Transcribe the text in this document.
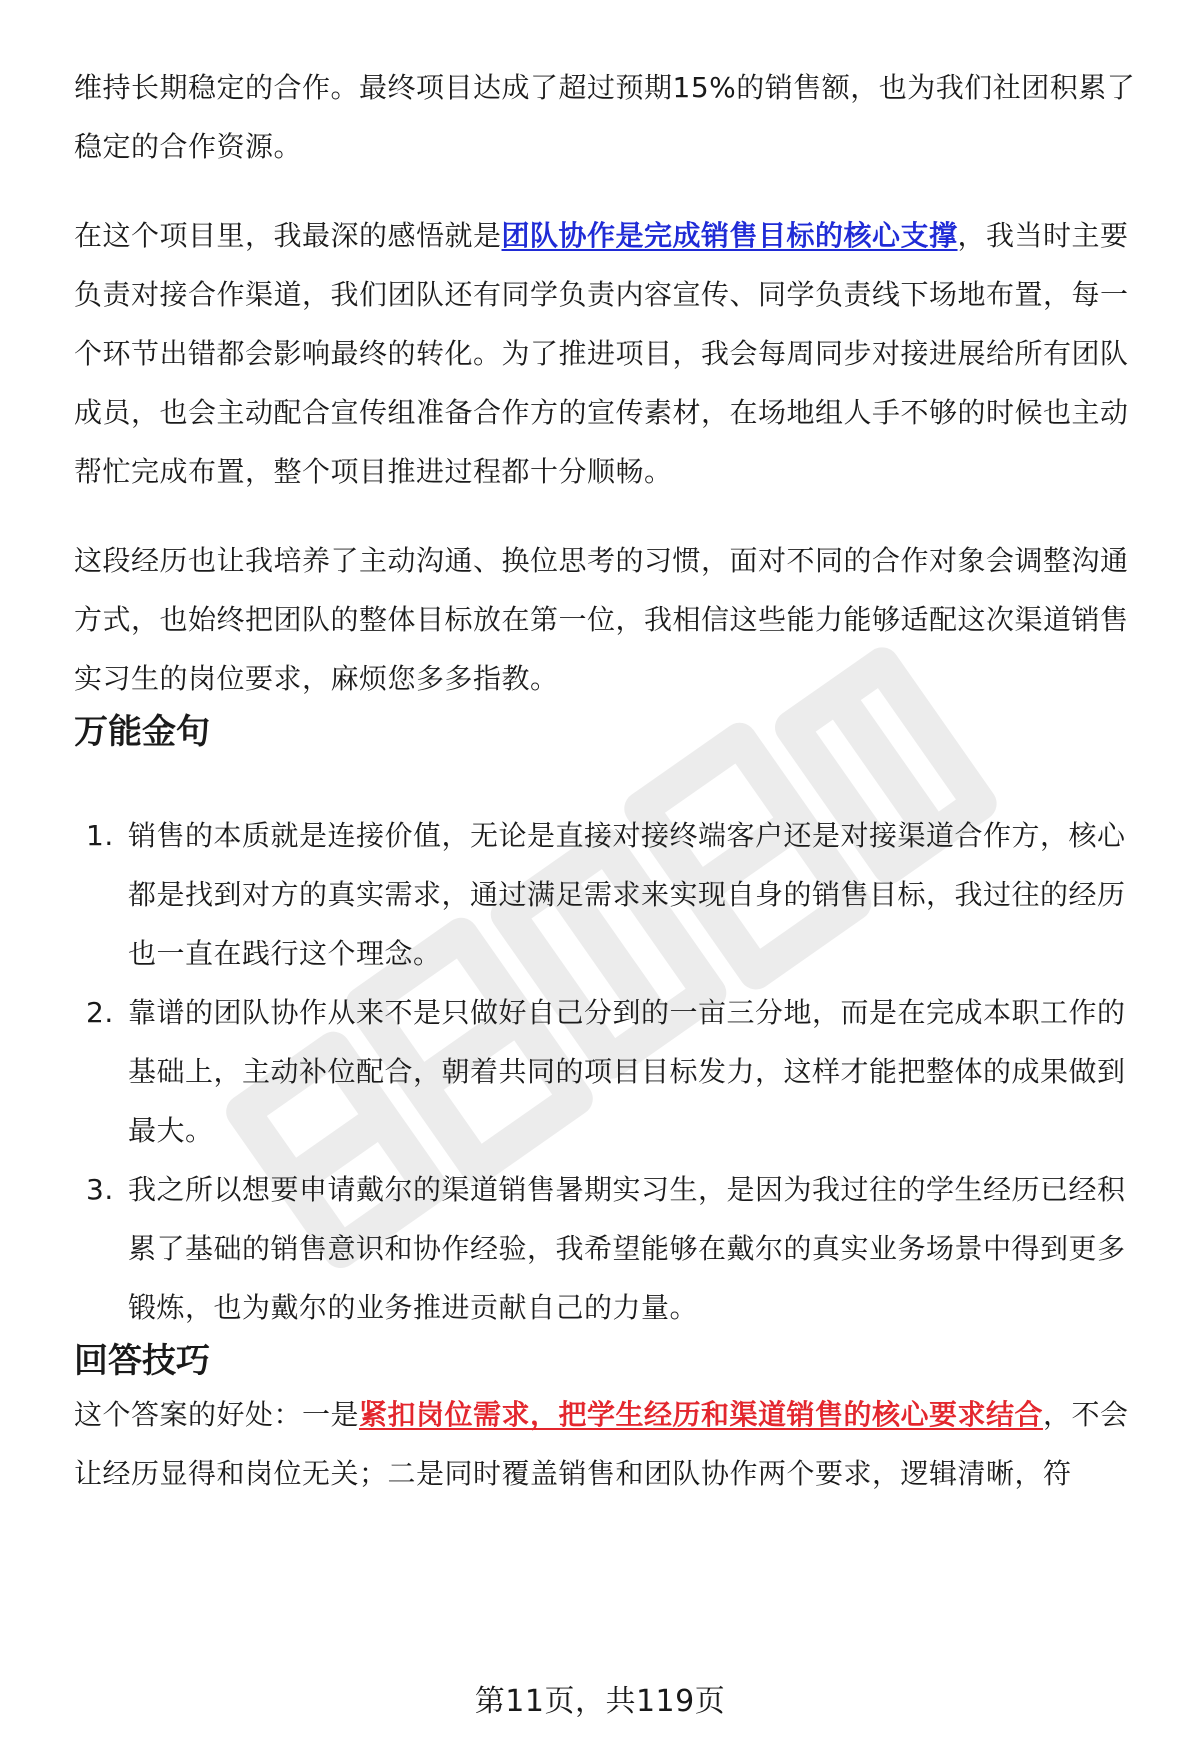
维持长期稳定的合作。最终项目达成了超过预期15%的销售额，也为我们社团积累了稳定的合作资源。

在这个项目里，我最深的感悟就是团队协作是完成销售目标的核心支撑，我当时主要负责对接合作渠道，我们团队还有同学负责内容宣传、同学负责线下场地布置，每一个环节出错都会影响最终的转化。为了推进项目，我会每周同步对接进展给所有团队成员，也会主动配合宣传组准备合作方的宣传素材，在场地组人手不够的时候也主动帮忙完成布置，整个项目推进过程都十分顺畅。

这段经历也让我培养了主动沟通、换位思考的习惯，面对不同的合作对象会调整沟通方式，也始终把团队的整体目标放在第一位，我相信这些能力能够适配这次渠道销售实习生的岗位要求，麻烦您多多指教。

万能金句
1. 销售的本质就是连接价值，无论是直接对接终端客户还是对接渠道合作方，核心都是找到对方的真实需求，通过满足需求来实现自身的销售目标，我过往的经历也一直在践行这个理念。
2. 靠谱的团队协作从来不是只做好自己分到的一亩三分地，而是在完成本职工作的基础上，主动补位配合，朝着共同的项目目标发力，这样才能把整体的成果做到最大。
3. 我之所以想要申请戴尔的渠道销售暑期实习生，是因为我过往的学生经历已经积累了基础的销售意识和协作经验，我希望能够在戴尔的真实业务场景中得到更多锻炼，也为戴尔的业务推进贡献自己的力量。
回答技巧

这个答案的好处：一是紧扣岗位需求，把学生经历和渠道销售的核心要求结合，不会让经历显得和岗位无关；二是同时覆盖销售和团队协作两个要求，逻辑清晰，符

第11页，共119页
